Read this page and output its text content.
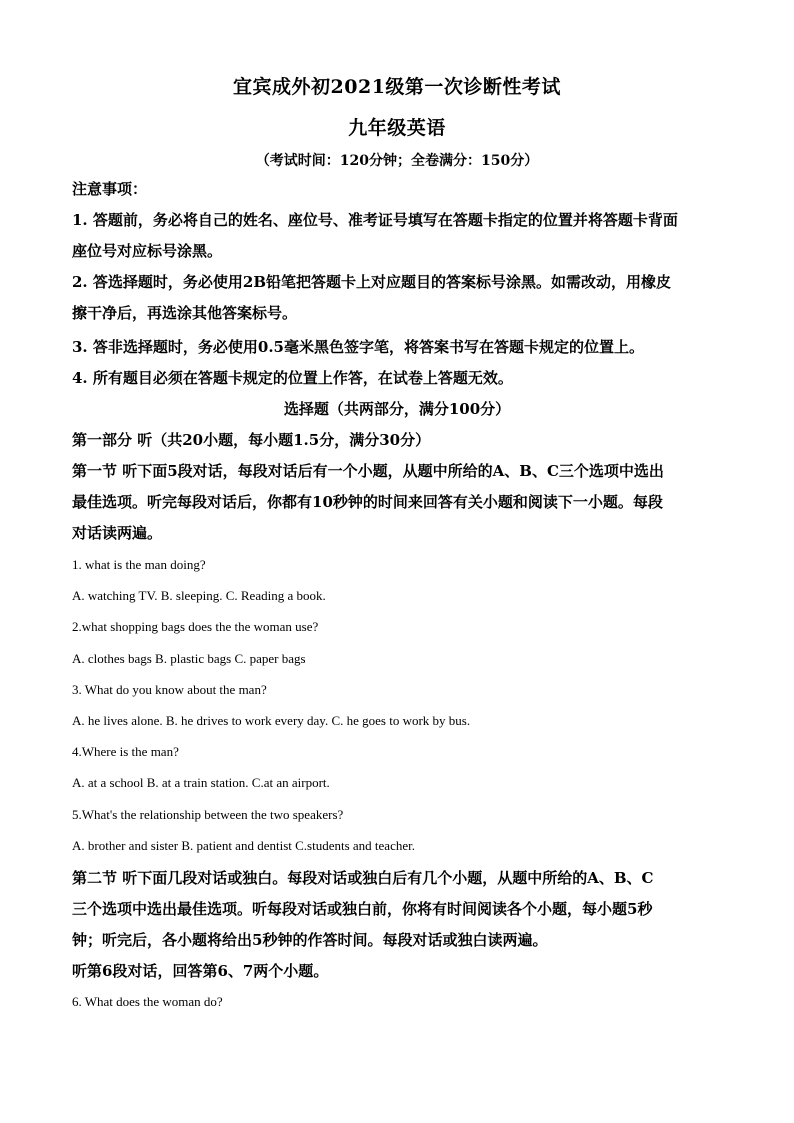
宜宾成外初2021级第一次诊断性考试
九年级英语
（考试时间：120分钟；全卷满分：150分）
注意事项：
1. 答题前，务必将自己的姓名、座位号、准考证号填写在答题卡指定的位置并将答题卡背面
座位号对应标号涂黑。
2. 答选择题时，务必使用2B铅笔把答题卡上对应题目的答案标号涂黑。如需改动，用橡皮
擦干净后，再选涂其他答案标号。
3. 答非选择题时，务必使用0.5毫米黑色签字笔，将答案书写在答题卡规定的位置上。
4. 所有题目必须在答题卡规定的位置上作答，在试卷上答题无效。
选择题（共两部分，满分100分）
第一部分 听（共20小题，每小题1.5分，满分30分）
第一节 听下面5段对话，每段对话后有一个小题，从题中所给的A、B、C三个选项中选出
最佳选项。听完每段对话后，你都有10秒钟的时间来回答有关小题和阅读下一小题。每段
对话读两遍。
1. what is the man doing?
A. watching TV. B. sleeping. C. Reading a book.
2.what shopping bags does the the woman use?
A. clothes bags B. plastic bags C. paper bags
3. What do you know about the man?
A. he lives alone. B. he drives to work every day. C. he goes to work by bus.
4.Where is the man?
A. at a school B. at a train station. C.at an airport.
5.What's the relationship between the two speakers?
A. brother and sister B. patient and dentist C.students and teacher.
第二节 听下面几段对话或独白。每段对话或独白后有几个小题，从题中所给的A、B、C
三个选项中选出最佳选项。听每段对话或独白前，你将有时间阅读各个小题，每小题5秒
钟；听完后，各小题将给出5秒钟的作答时间。每段对话或独白读两遍。
听第6段对话，回答第6、7两个小题。
6. What does the woman do?
